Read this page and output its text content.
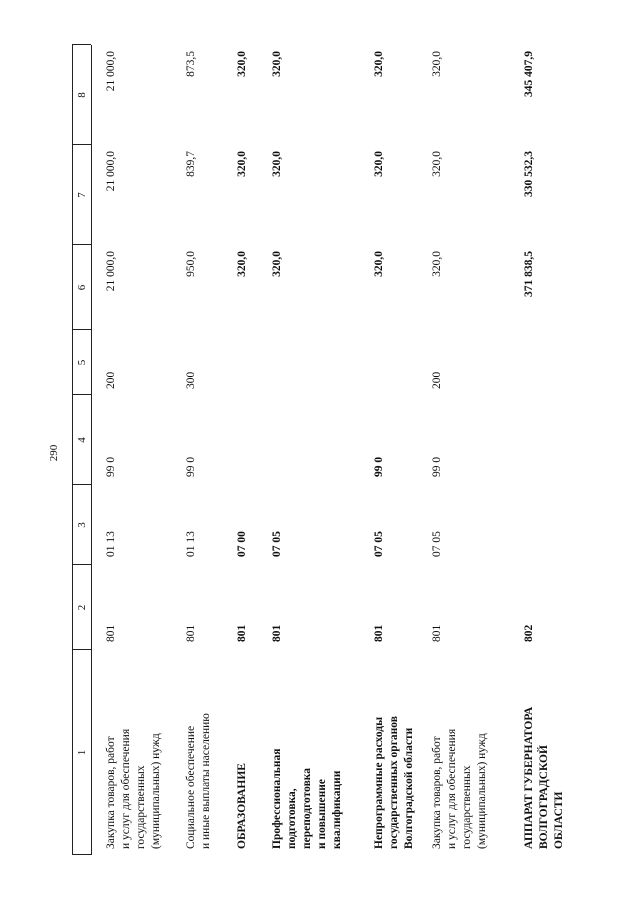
290
1
2
3
4
5
6
7
8
Закупка товаров, работ и услуг для обеспечения государственных (муниципальных) нужд
801
01 13
99 0
200
21 000,0
21 000,0
21 000,0
Социальное обеспечение и иные выплаты населению
801
01 13
99 0
300
950,0
839,7
873,5
ОБРАЗОВАНИЕ
801
07 00
320,0
320,0
320,0
Профессиональная подготовка, переподготовка и повышение квалификации
801
07 05
320,0
320,0
320,0
Непрограммные расходы государственных органов Волгоградской области
801
07 05
99 0
320,0
320,0
320,0
Закупка товаров, работ и услуг для обеспечения государственных (муниципальных) нужд
801
07 05
99 0
200
320,0
320,0
320,0
АППАРАТ ГУБЕРНАТОРА ВОЛГОГРАДСКОЙ ОБЛАСТИ
802
371 838,5
330 532,3
345 407,9
